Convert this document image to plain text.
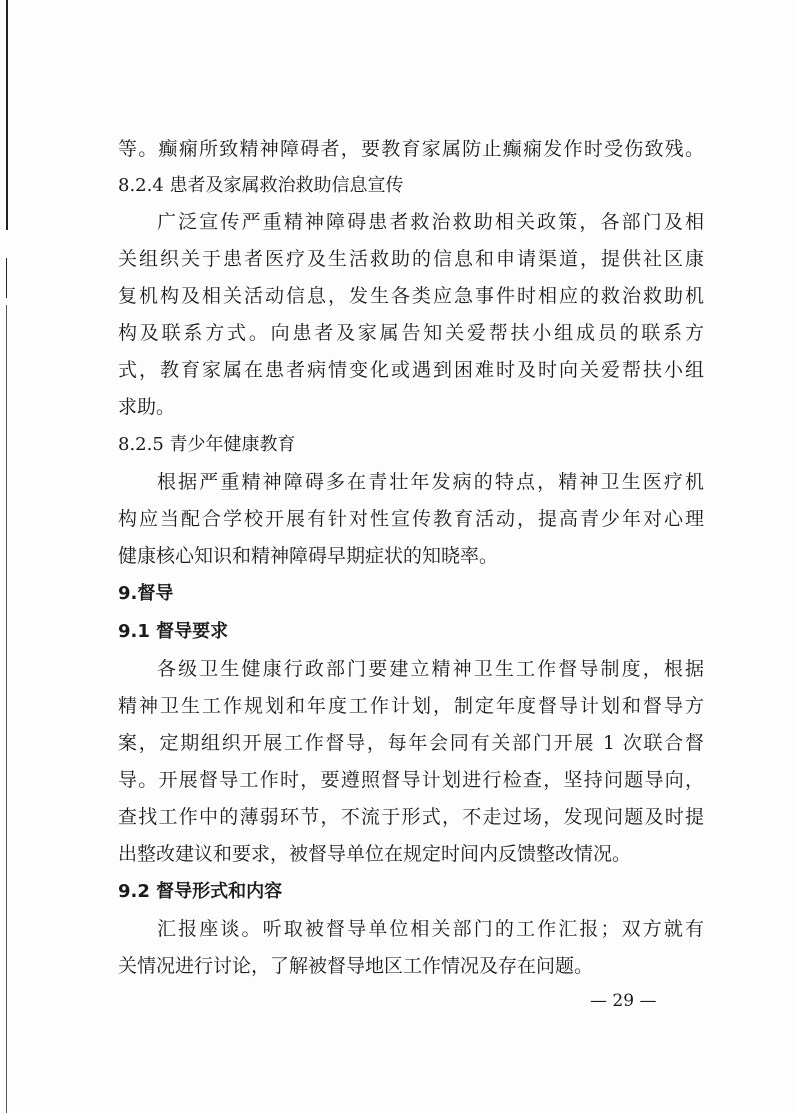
等。癫痫所致精神障碍者，要教育家属防止癫痫发作时受伤致残。
8.2.4 患者及家属救治救助信息宣传
广泛宣传严重精神障碍患者救治救助相关政策，各部门及相
关组织关于患者医疗及生活救助的信息和申请渠道，提供社区康
复机构及相关活动信息，发生各类应急事件时相应的救治救助机
构及联系方式。向患者及家属告知关爱帮扶小组成员的联系方
式，教育家属在患者病情变化或遇到困难时及时向关爱帮扶小组
求助。
8.2.5 青少年健康教育
根据严重精神障碍多在青壮年发病的特点，精神卫生医疗机
构应当配合学校开展有针对性宣传教育活动，提高青少年对心理
健康核心知识和精神障碍早期症状的知晓率。
9.督导
9.1 督导要求
各级卫生健康行政部门要建立精神卫生工作督导制度，根据
精神卫生工作规划和年度工作计划，制定年度督导计划和督导方
案，定期组织开展工作督导，每年会同有关部门开展 1 次联合督
导。开展督导工作时，要遵照督导计划进行检查，坚持问题导向，
查找工作中的薄弱环节，不流于形式，不走过场，发现问题及时提
出整改建议和要求，被督导单位在规定时间内反馈整改情况。
9.2 督导形式和内容
汇报座谈。听取被督导单位相关部门的工作汇报；双方就有
关情况进行讨论，了解被督导地区工作情况及存在问题。
— 29 —
